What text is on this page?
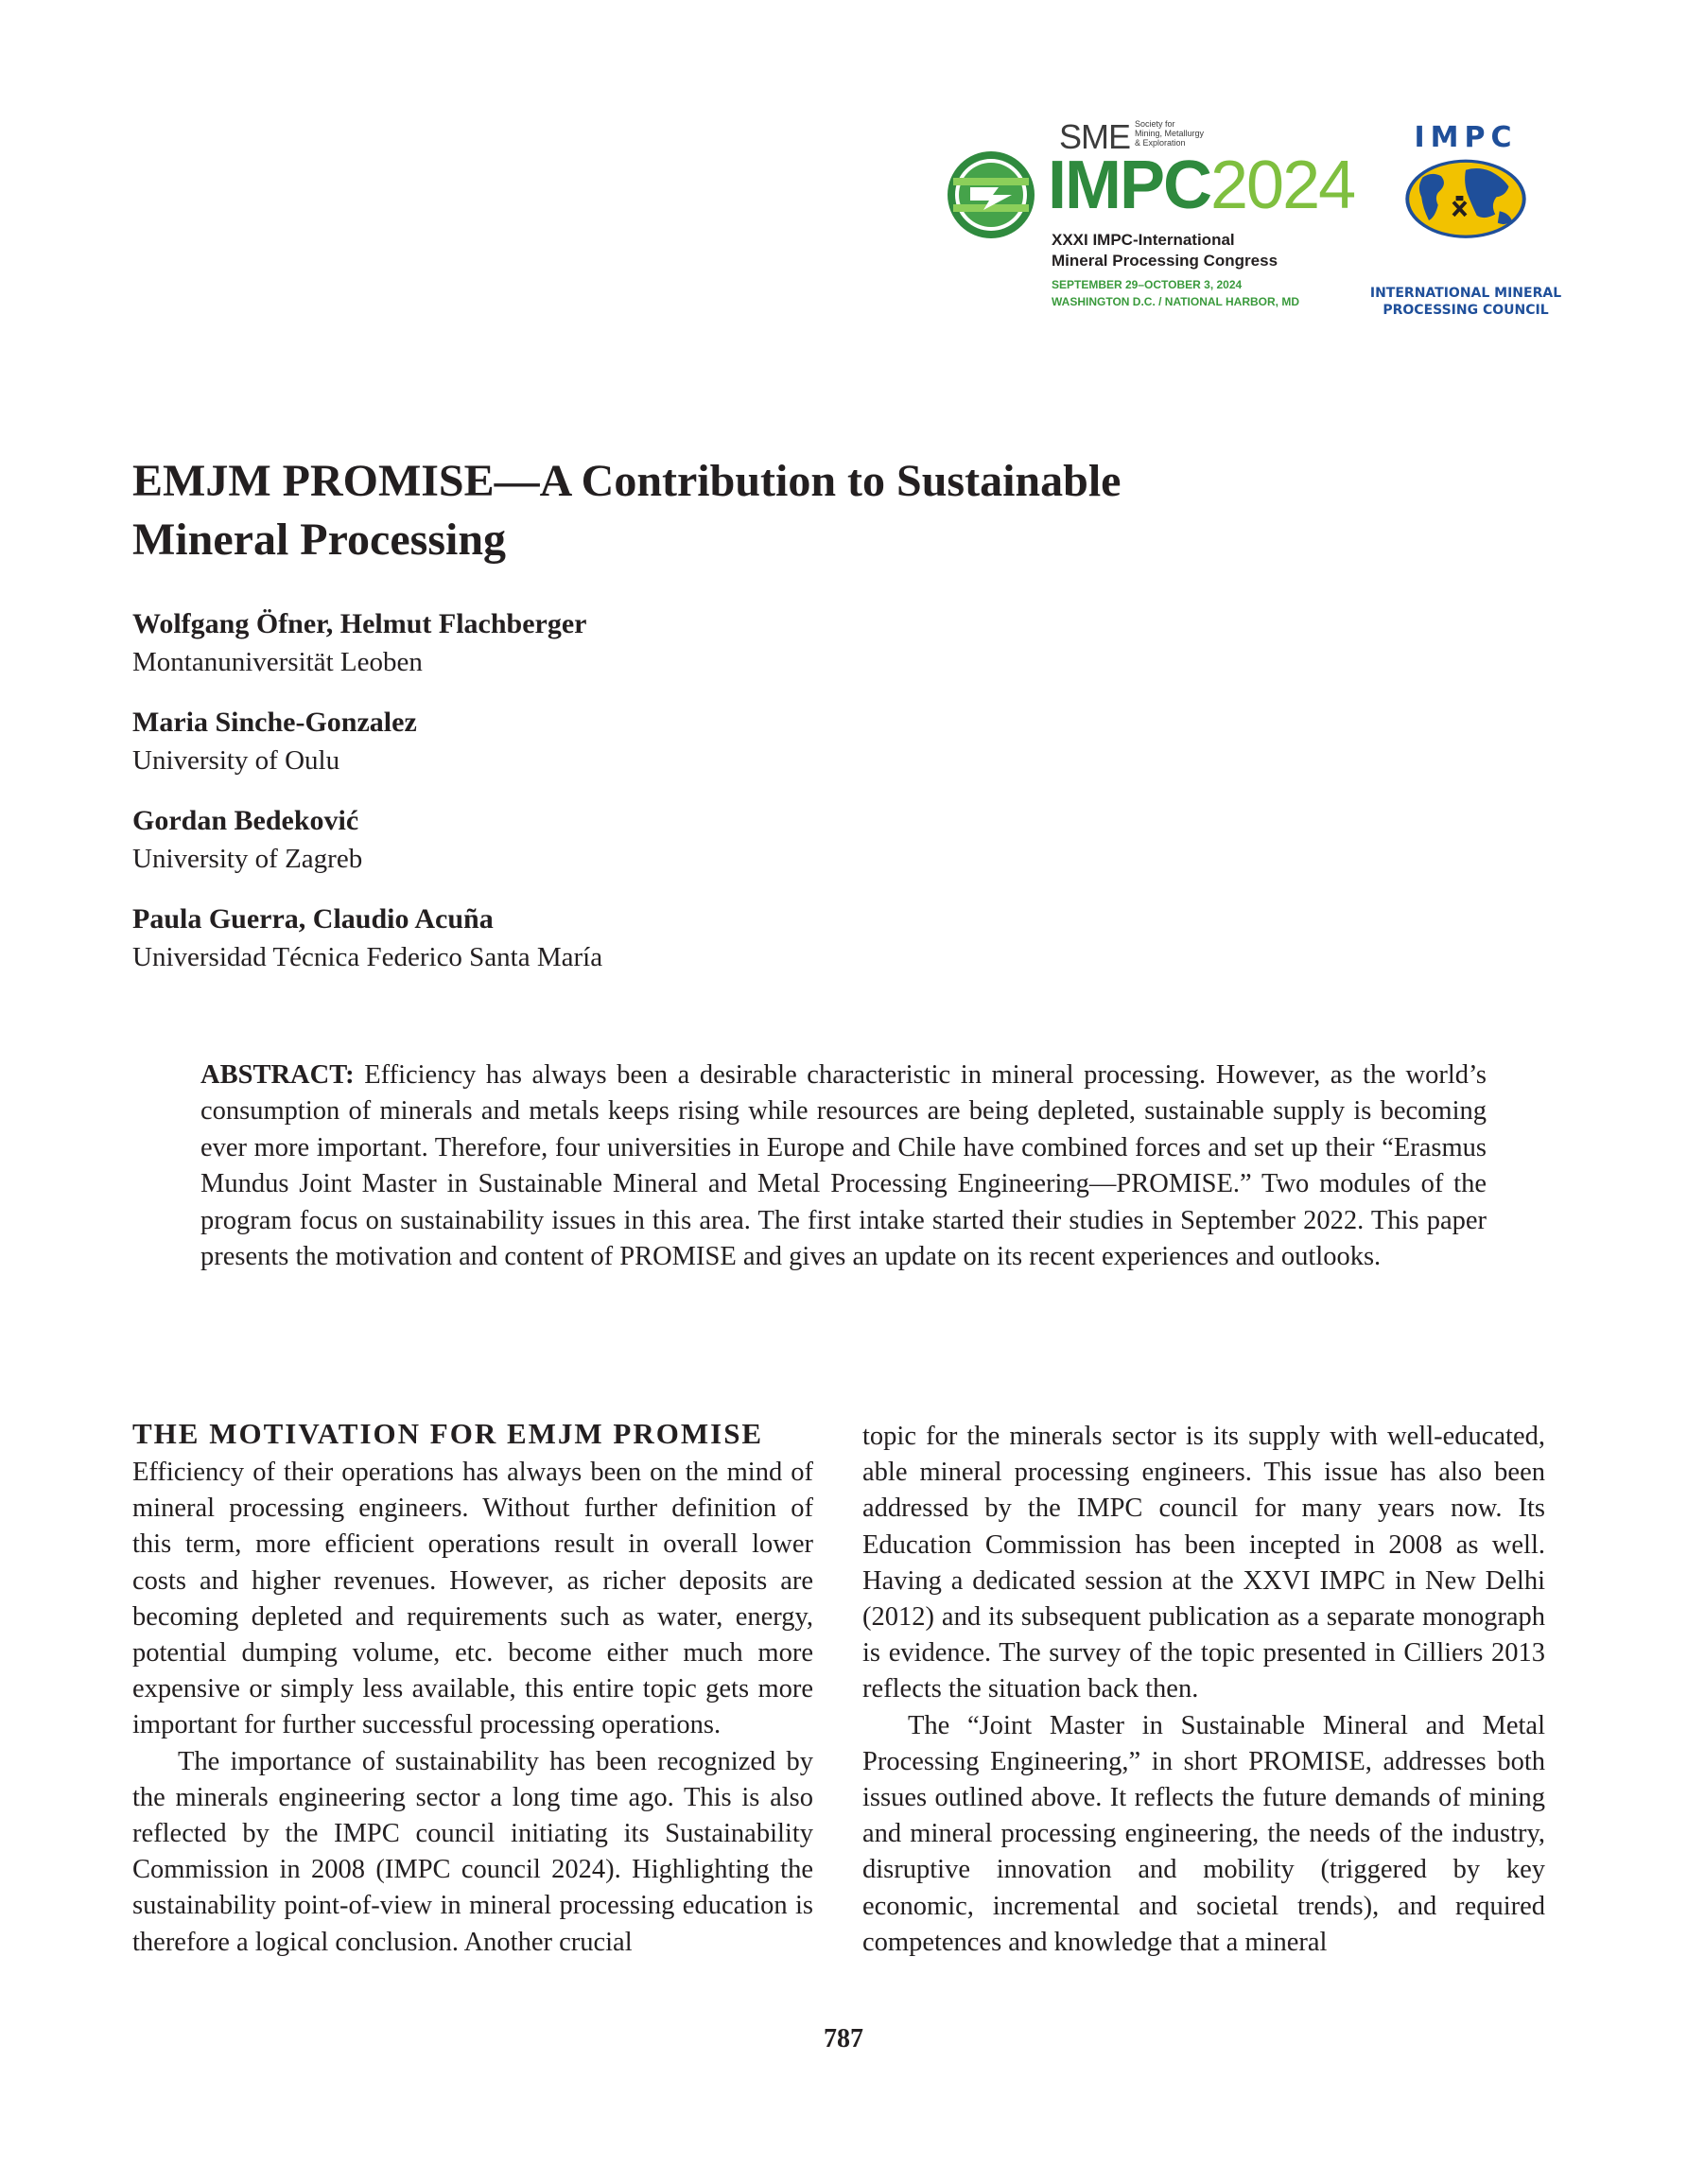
SME Society for
Mining, Metallurgy
& Exploration
IMPC2024
XXXI IMPC-International
Mineral Processing Congress
SEPTEMBER 29–OCTOBER 3, 2024
WASHINGTON D.C. / NATIONAL HARBOR, MD
IMPC
INTERNATIONAL MINERAL
PROCESSING COUNCIL
EMJM PROMISE—A Contribution to Sustainable
Mineral Processing

Wolfgang Öfner, Helmut Flachberger

Montanuniversität Leoben

Maria Sinche-Gonzalez

University of Oulu

Gordan Bedeković

University of Zagreb

Paula Guerra, Claudio Acuña

Universidad Técnica Federico Santa María

ABSTRACT: Efficiency has always been a desirable characteristic in mineral processing. However, as the world’s consumption of minerals and metals keeps rising while resources are being depleted, sustainable supply is becoming ever more important. Therefore, four universities in Europe and Chile have combined forces and set up their “Erasmus Mundus Joint Master in Sustainable Mineral and Metal Processing Engineering—PROMISE.” Two modules of the program focus on sustainability issues in this area. The first intake started their studies in September 2022. This paper presents the motivation and content of PROMISE and gives an update on its recent experiences and outlooks.

THE MOTIVATION FOR EMJM PROMISE

Efficiency of their operations has always been on the mind of mineral processing engineers. Without further definition of this term, more efficient operations result in overall lower costs and higher revenues. However, as richer deposits are becoming depleted and requirements such as water, energy, potential dumping volume, etc. become either much more expensive or simply less available, this entire topic gets more important for further successful processing operations.

The importance of sustainability has been recognized by the minerals engineering sector a long time ago. This is also reflected by the IMPC council initiating its Sustainability Commission in 2008 (IMPC council 2024). Highlighting the sustainability point-of-view in mineral processing education is therefore a logical conclusion. Another crucial

topic for the minerals sector is its supply with well-educated, able mineral processing engineers. This issue has also been addressed by the IMPC council for many years now. Its Education Commission has been incepted in 2008 as well. Having a dedicated session at the XXVI IMPC in New Delhi (2012) and its subsequent publication as a separate monograph is evidence. The survey of the topic presented in Cilliers 2013 reflects the situation back then.

The “Joint Master in Sustainable Mineral and Metal Processing Engineering,” in short PROMISE, addresses both issues outlined above. It reflects the future demands of mining and mineral processing engineering, the needs of the industry, disruptive innovation and mobility (triggered by key economic, incremental and societal trends), and required competences and knowledge that a mineral

787
